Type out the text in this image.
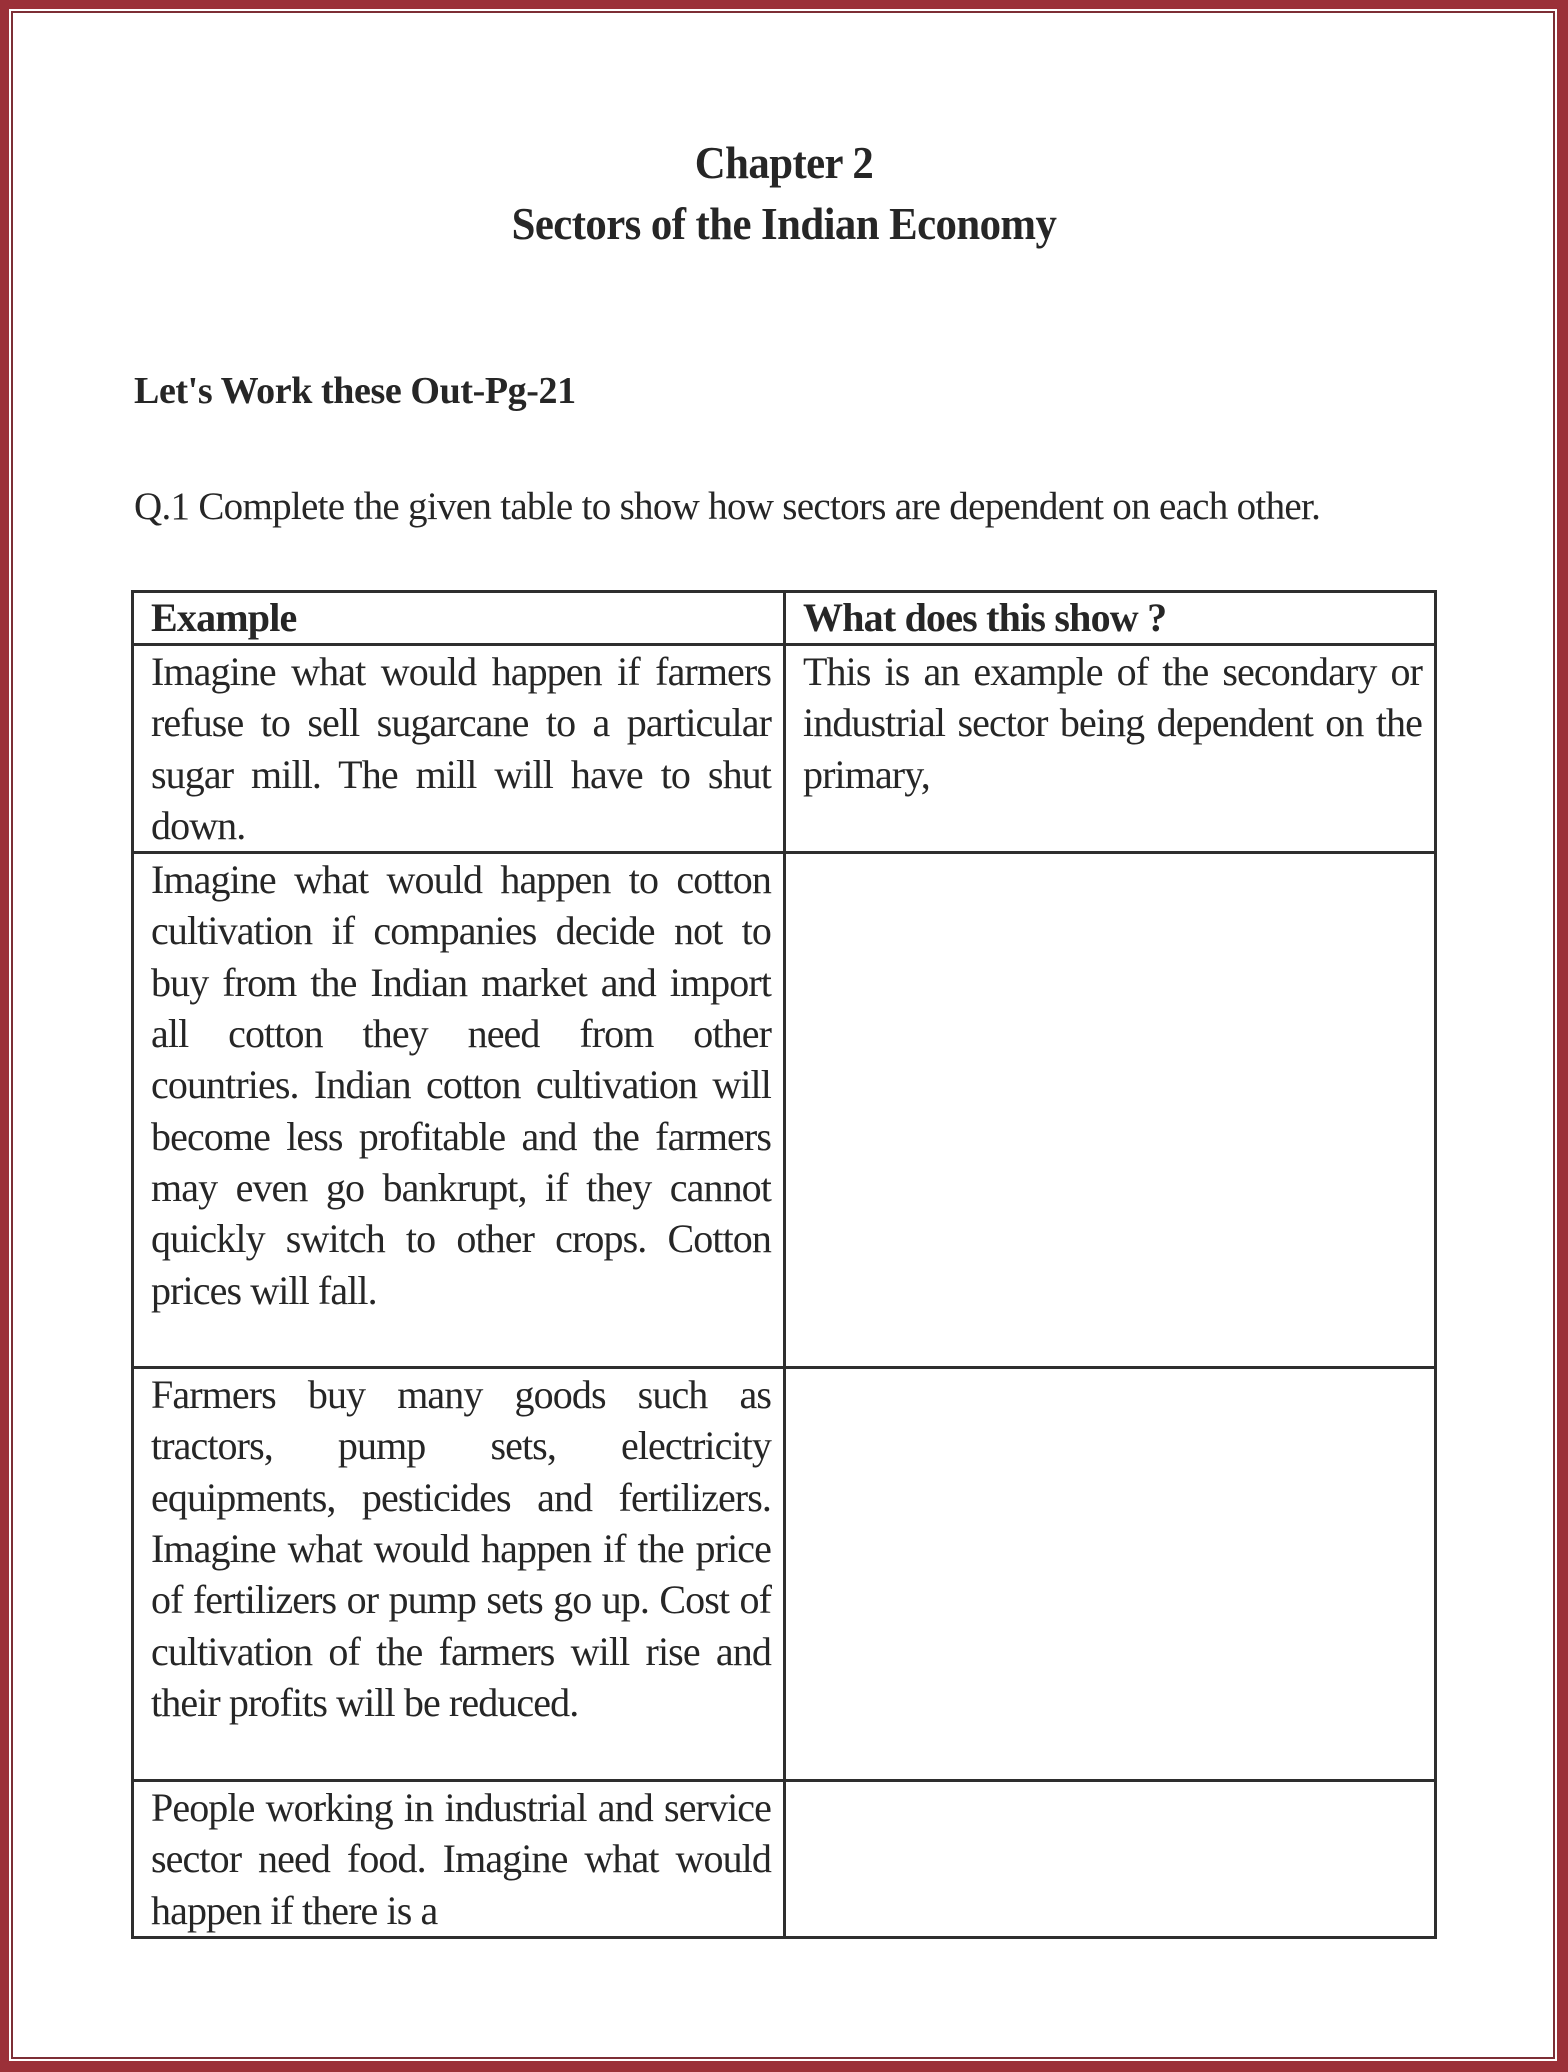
Chapter 2
Sectors of the Indian Economy
Let's Work these Out-Pg-21
Q.1 Complete the given table to show how sectors are dependent on each other.
Example	What does this show ?
Imagine what would happen if farmers refuse to sell sugarcane to a particular sugar mill. The mill will have to shut down.	This is an example of the secondary or industrial sector being dependent on the primary,
Imagine what would happen to cotton cultivation if companies decide not to buy from the Indian market and import all cotton they need from other countries. Indian cotton cultivation will become less profitable and the farmers may even go bankrupt, if they cannot quickly switch to other crops. Cotton prices will fall.	
Farmers buy many goods such as tractors, pump sets, electricity equipments, pesticides and fertilizers. Imagine what would happen if the price of fertilizers or pump sets go up. Cost of cultivation of the farmers will rise and their profits will be reduced.	
People working in industrial and service sector need food. Imagine what would happen if there is a	
